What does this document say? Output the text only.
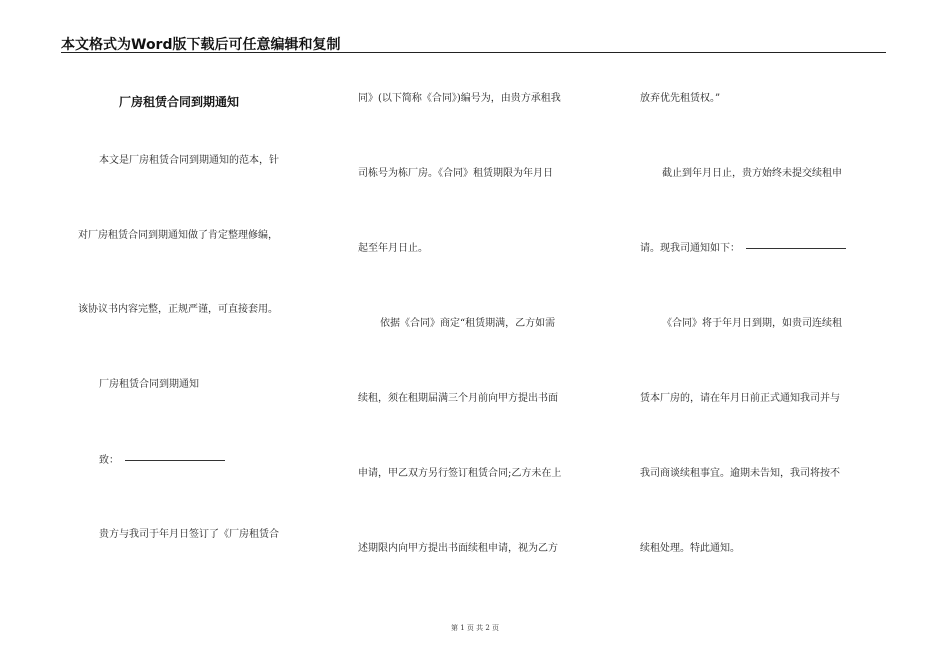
本文格式为Word版下载后可任意编辑和复制
厂房租赁合同到期通知
本文是厂房租赁合同到期通知的范本，针
对厂房租赁合同到期通知做了肯定整理修编，
该协议书内容完整，正规严谨，可直接套用。
厂房租赁合同到期通知
致：
贵方与我司于年月日签订了《厂房租赁合
同》(以下简称《合同》)编号为，由贵方承租我
司栋号为栋厂房。《合同》租赁期限为年月日
起至年月日止。
依据《合同》商定“租赁期满，乙方如需
续租，须在租期届满三个月前向甲方提出书面
申请，甲乙双方另行签订租赁合同;乙方未在上
述期限内向甲方提出书面续租申请，视为乙方
放弃优先租赁权。”
截止到年月日止，贵方始终未提交续租申
请。现我司通知如下：
《合同》将于年月日到期，如贵司连续租
赁本厂房的，请在年月日前正式通知我司并与
我司商谈续租事宜。逾期未告知，我司将按不
续租处理。特此通知。
第 1 页 共 2 页
